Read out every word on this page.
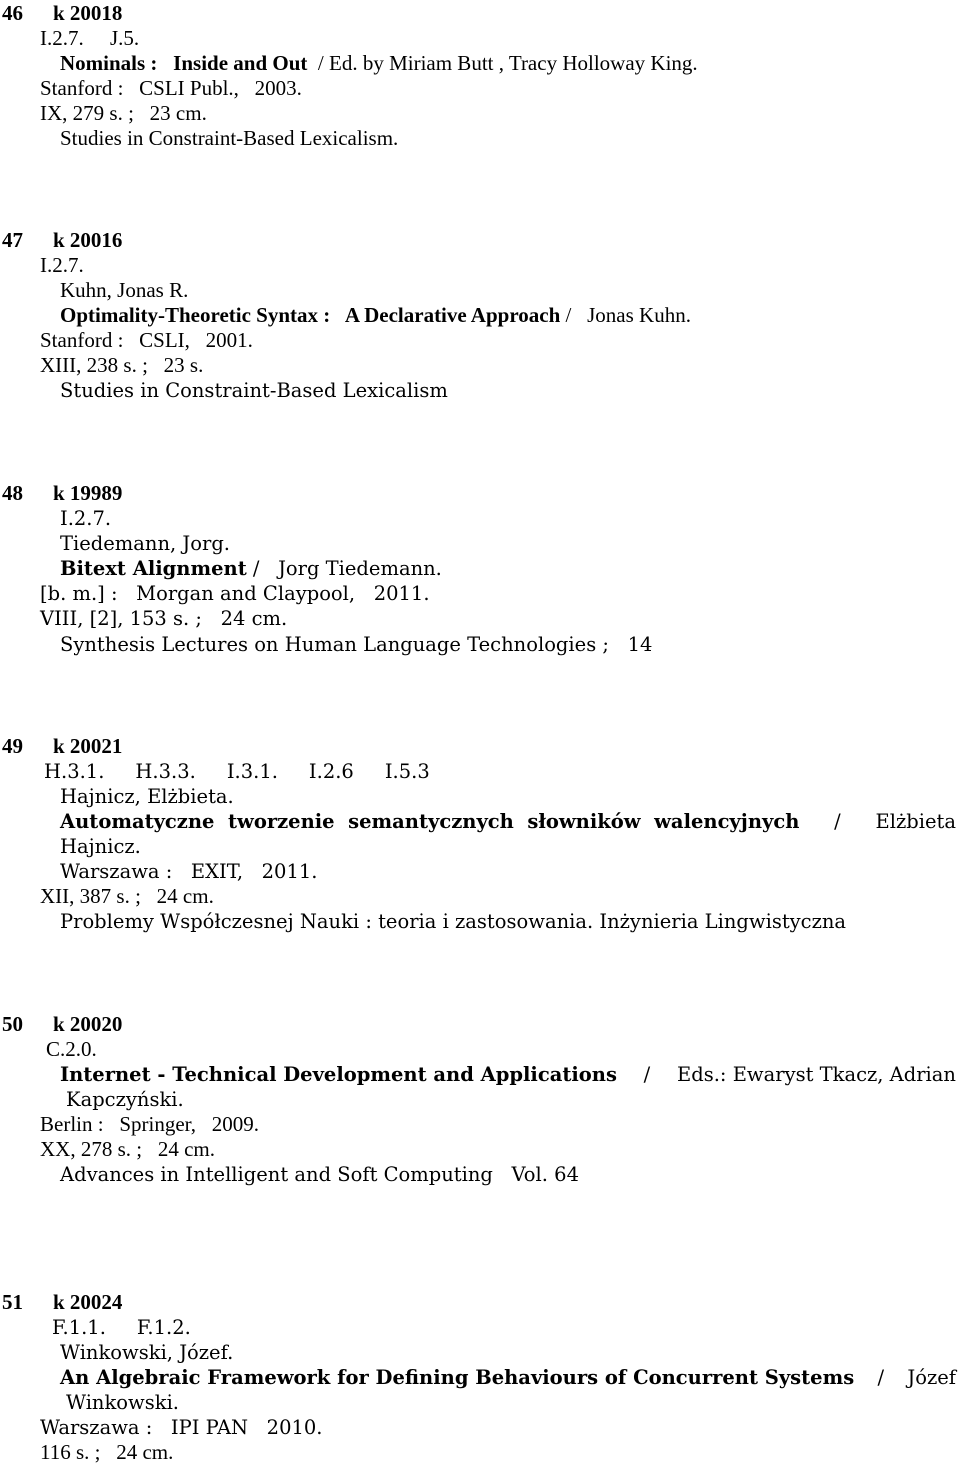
46 k 20018
I.2.7.     J.5.
Nominals :   Inside and Out  / Ed. by Miriam Butt , Tracy Holloway King.
Stanford :   CSLI Publ.,   2003.
IX, 279 s. ;   23 cm.
Studies in Constraint-Based Lexicalism.
47 k 20016
I.2.7.
Kuhn, Jonas R.
Optimality-Theoretic Syntax :   A Declarative Approach /   Jonas Kuhn.
Stanford :   CSLI,   2001.
XIII, 238 s. ;   23 s.
Studies in Constraint-Based Lexicalism
48 k 19989
I.2.7.
Tiedemann, Jorg.
Bitext Alignment /   Jorg Tiedemann.
[b. m.] :   Morgan and Claypool,   2011.
VIII, [2], 153 s. ;   24 cm.
Synthesis Lectures on Human Language Technologies ;   14
49 k 20021
H.3.1.     H.3.3.     I.3.1.     I.2.6     I.5.3
Hajnicz, Elżbieta.
Automatyczne  tworzenie  semantycznych  słowników  walencyjnych / Elżbieta
Hajnicz.
Warszawa :   EXIT,   2011.
XII, 387 s. ;   24 cm.
Problemy Współczesnej Nauki : teoria i zastosowania. Inżynieria Lingwistyczna
50 k 20020
C.2.0.
Internet - Technical Development and Applications / Eds.: Ewaryst Tkacz, Adrian
Kapczyński.
Berlin :   Springer,   2009.
XX, 278 s. ;   24 cm.
Advances in Intelligent and Soft Computing   Vol. 64
51 k 20024
F.1.1.     F.1.2.
Winkowski, Józef.
An Algebraic Framework for Defining Behaviours of Concurrent Systems / Józef
Winkowski.
Warszawa :   IPI PAN   2010.
116 s. ;   24 cm.
